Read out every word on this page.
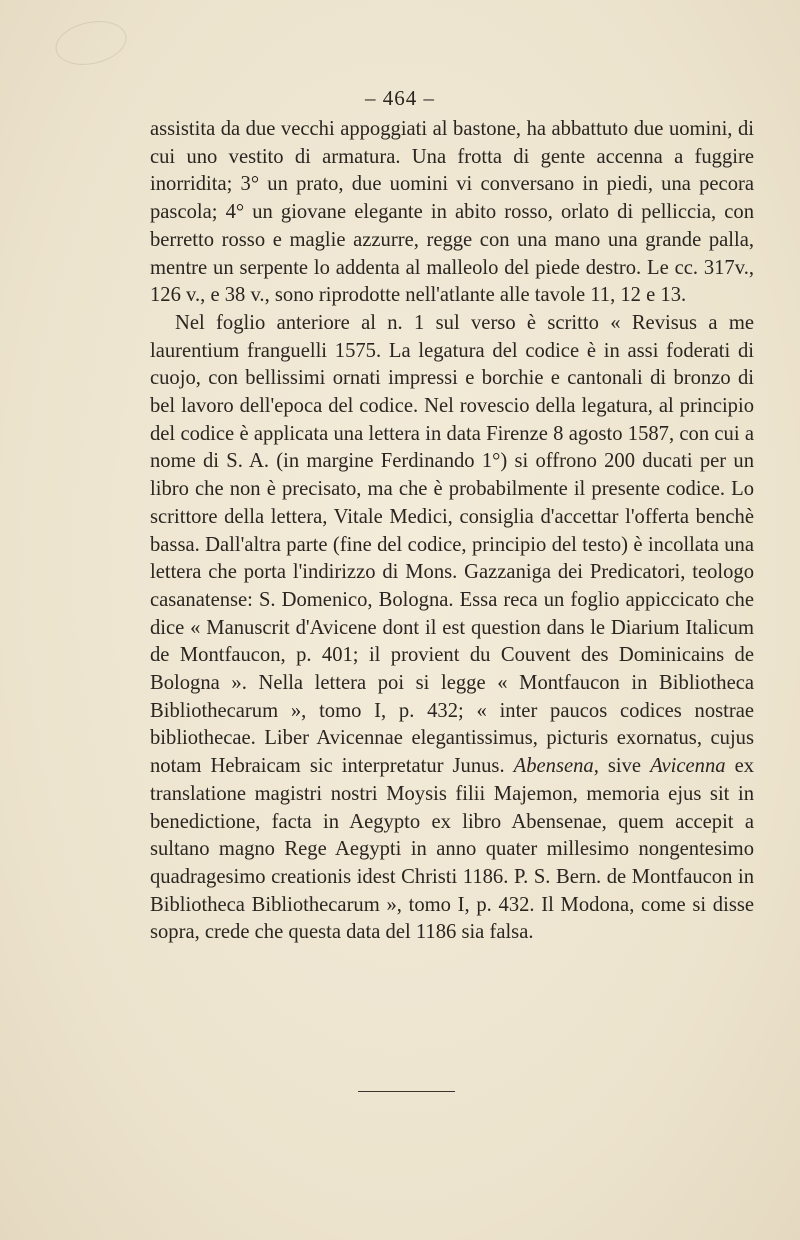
– 464 –

assistita da due vecchi appoggiati al bastone, ha abbattuto due uomini, di cui uno vestito di armatura. Una frotta di gente accenna a fuggire inorridita; 3° un prato, due uomini vi conversano in piedi, una pecora pascola; 4° un giovane elegante in abito rosso, orlato di pelliccia, con berretto rosso e maglie azzurre, regge con una mano una grande palla, mentre un serpente lo addenta al malleolo del piede destro. Le cc. 317v., 126 v., e 38 v., sono riprodotte nell'atlante alle tavole 11, 12 e 13.

Nel foglio anteriore al n. 1 sul verso è scritto « Revisus a me laurentium franguelli 1575. La legatura del codice è in assi foderati di cuojo, con bellissimi ornati impressi e borchie e cantonali di bronzo di bel lavoro dell'epoca del codice. Nel rovescio della legatura, al principio del codice è applicata una lettera in data Firenze 8 agosto 1587, con cui a nome di S. A. (in margine Ferdinando 1°) si offrono 200 ducati per un libro che non è precisato, ma che è probabilmente il presente codice. Lo scrittore della lettera, Vitale Medici, consiglia d'accettar l'offerta benchè bassa. Dall'altra parte (fine del codice, principio del testo) è incollata una lettera che porta l'indirizzo di Mons. Gazzaniga dei Predicatori, teologo casanatense: S. Domenico, Bologna. Essa reca un foglio appiccicato che dice « Manuscrit d'Avicene dont il est question dans le Diarium Italicum de Montfaucon, p. 401; il provient du Couvent des Dominicains de Bologna ». Nella lettera poi si legge « Montfaucon in Bibliotheca Bibliothecarum », tomo I, p. 432; « inter paucos codices nostrae bibliothecae. Liber Avicennae elegantissimus, picturis exornatus, cujus notam Hebraicam sic interpretatur Junus. Abensena, sive Avicenna ex translatione magistri nostri Moysis filii Majemon, memoria ejus sit in benedictione, facta in Aegypto ex libro Abensenae, quem accepit a sultano magno Rege Aegypti in anno quater millesimo nongentesimo quadragesimo creationis idest Christi 1186. P. S. Bern. de Montfaucon in Bibliotheca Bibliothecarum », tomo I, p. 432. Il Modona, come si disse sopra, crede che questa data del 1186 sia falsa.
